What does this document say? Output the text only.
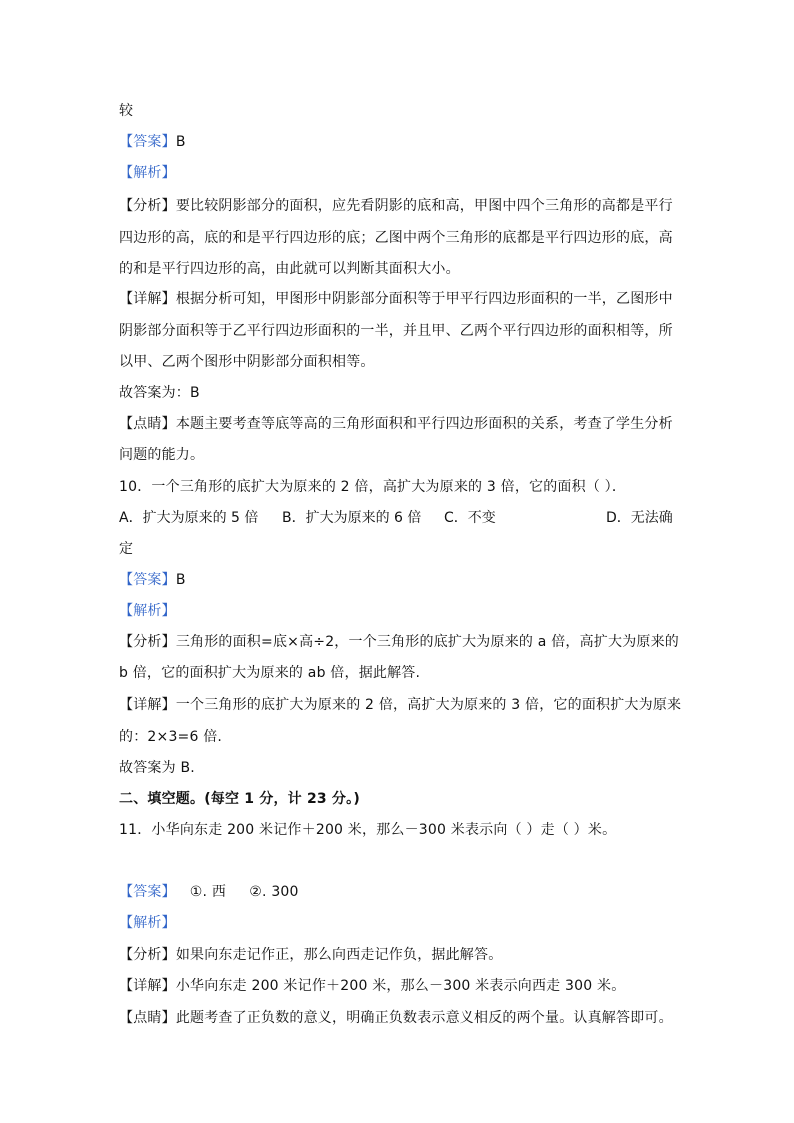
较
【答案】B
【解析】
【分析】要比较阴影部分的面积，应先看阴影的底和高，甲图中四个三角形的高都是平行
四边形的高，底的和是平行四边形的底；乙图中两个三角形的底都是平行四边形的底，高
的和是平行四边形的高，由此就可以判断其面积大小。
【详解】根据分析可知，甲图形中阴影部分面积等于甲平行四边形面积的一半，乙图形中
阴影部分面积等于乙平行四边形面积的一半，并且甲、乙两个平行四边形的面积相等，所
以甲、乙两个图形中阴影部分面积相等。
故答案为：B
【点睛】本题主要考查等底等高的三角形面积和平行四边形面积的关系，考查了学生分析
问题的能力。
10．一个三角形的底扩大为原来的 2 倍，高扩大为原来的 3 倍，它的面积（ ）．
A．扩大为原来的 5 倍 B．扩大为原来的 6 倍 C．不变	D．无法确
定
【答案】B
【解析】
【分析】三角形的面积=底×高÷2，一个三角形的底扩大为原来的 a 倍，高扩大为原来的
b 倍，它的面积扩大为原来的 ab 倍，据此解答.
【详解】一个三角形的底扩大为原来的 2 倍，高扩大为原来的 3 倍，它的面积扩大为原来
的：2×3=6 倍.
故答案为 B.
二、填空题。(每空 1 分，计 23 分。)
11．小华向东走 200 米记作＋200 米，那么－300 米表示向（ ）走（ ）米。
【答案】   ①. 西     ②. 300
【解析】
【分析】如果向东走记作正，那么向西走记作负，据此解答。
【详解】小华向东走 200 米记作＋200 米，那么－300 米表示向西走 300 米。
【点睛】此题考查了正负数的意义，明确正负数表示意义相反的两个量。认真解答即可。
